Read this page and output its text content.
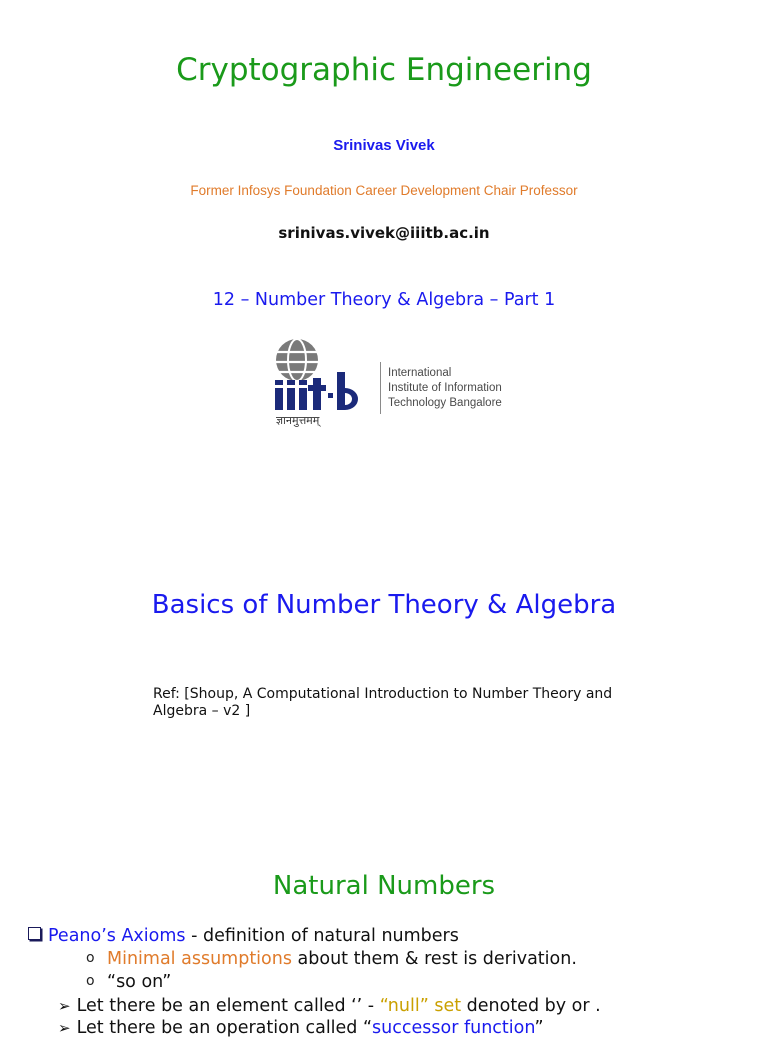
Cryptographic Engineering
Srinivas Vivek
Former Infosys Foundation Career Development Chair Professor
srinivas.vivek@iiitb.ac.in
12 – Number Theory & Algebra – Part 1
ज्ञानमुत्तमम्
International
Institute of Information
Technology Bangalore
Basics of Number Theory & Algebra
Ref: [Shoup, A Computational Introduction to Number Theory and
Algebra – v2 ]
Natural Numbers
Peano’s Axioms - definition of natural numbers
o Minimal assumptions about them & rest is derivation.
o “so on”
➢ Let there be an element called ‘’ - “null” set denoted by or .
➢ Let there be an operation called “successor function”
